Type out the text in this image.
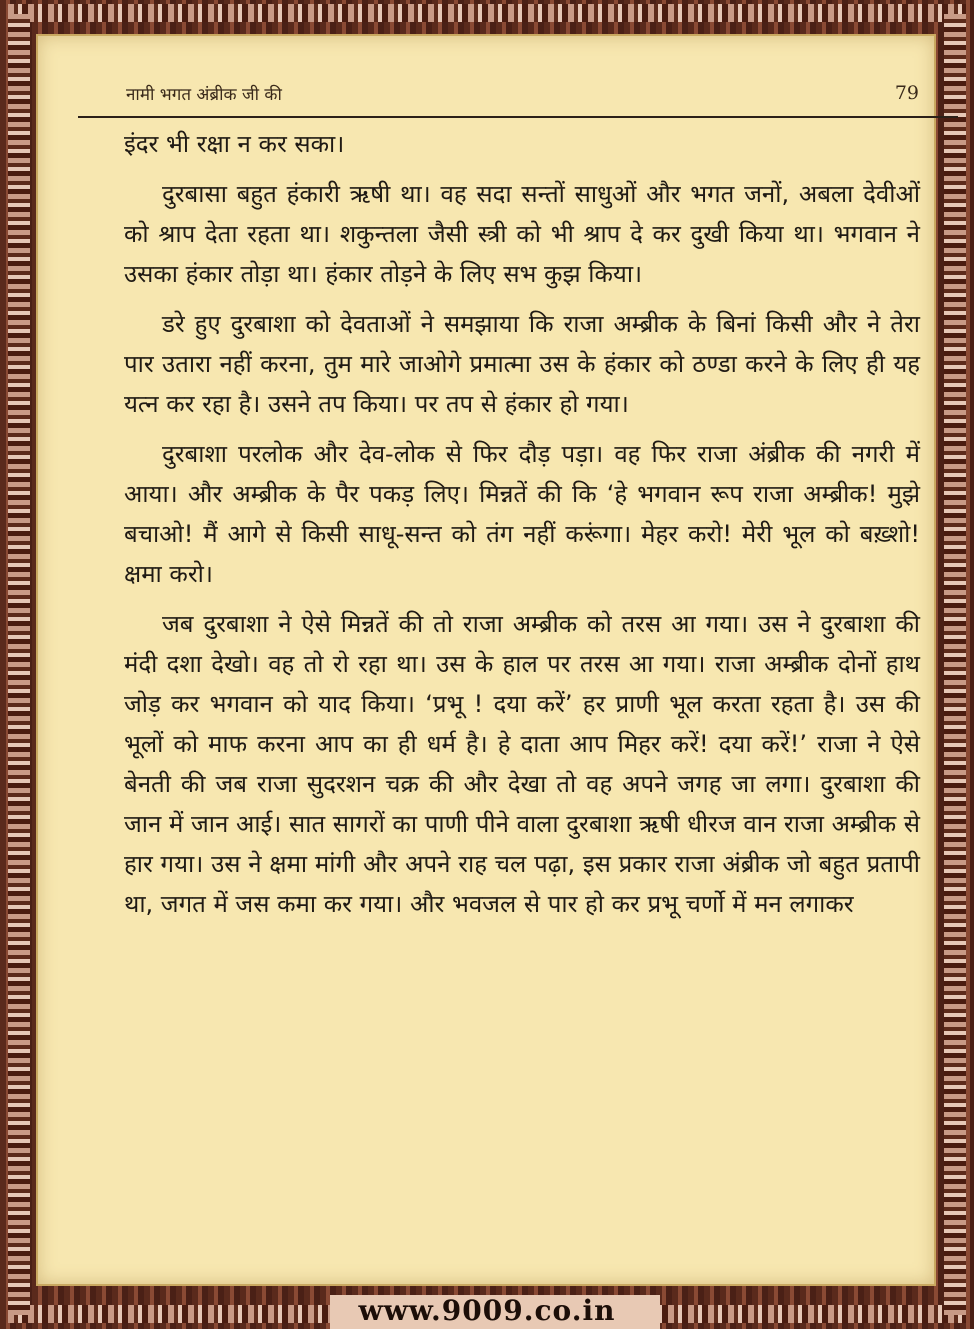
नामी भगत अंब्रीक जी की	79

इंदर भी रक्षा न कर सका।

दुरबासा बहुत हंकारी ऋषी था। वह सदा सन्तों साधुओं और भगत जनों, अबला देवीओं को श्राप देता रहता था। शकुन्तला जैसी स्त्री को भी श्राप दे कर दुखी किया था। भगवान ने उसका हंकार तोड़ा था। हंकार तोड़ने के लिए सभ कुझ किया।

डरे हुए दुरबाशा को देवताओं ने समझाया कि राजा अम्ब्रीक के बिनां किसी और ने तेरा पार उतारा नहीं करना, तुम मारे जाओगे प्रमात्मा उस के हंकार को ठण्डा करने के लिए ही यह यत्न कर रहा है। उसने तप किया। पर तप से हंकार हो गया।

दुरबाशा परलोक और देव-लोक से फिर दौड़ पड़ा। वह फिर राजा अंब्रीक की नगरी में आया। और अम्ब्रीक के पैर पकड़ लिए। मिन्नतें की कि ‘हे भगवान रूप राजा अम्ब्रीक! मुझे बचाओ! मैं आगे से किसी साधू-सन्त को तंग नहीं करूंगा। मेहर करो! मेरी भूल को बख़्शो! क्षमा करो।

जब दुरबाशा ने ऐसे मिन्नतें की तो राजा अम्ब्रीक को तरस आ गया। उस ने दुरबाशा की मंदी दशा देखो। वह तो रो रहा था। उस के हाल पर तरस आ गया। राजा अम्ब्रीक दोनों हाथ जोड़ कर भगवान को याद किया। ‘प्रभू ! दया करें’ हर प्राणी भूल करता रहता है। उस की भूलों को माफ करना आप का ही धर्म है। हे दाता आप मिहर करें! दया करें!’ राजा ने ऐसे बेनती की जब राजा सुदरशन चक्र की और देखा तो वह अपने जगह जा लगा। दुरबाशा की जान में जान आई। सात सागरों का पाणी पीने वाला दुरबाशा ऋषी धीरज वान राजा अम्ब्रीक से हार गया। उस ने क्षमा मांगी और अपने राह चल पढ़ा, इस प्रकार राजा अंब्रीक जो बहुत प्रतापी था, जगत में जस कमा कर गया। और भवजल से पार हो कर प्रभू चर्णो में मन लगाकर

www.9009.co.in
